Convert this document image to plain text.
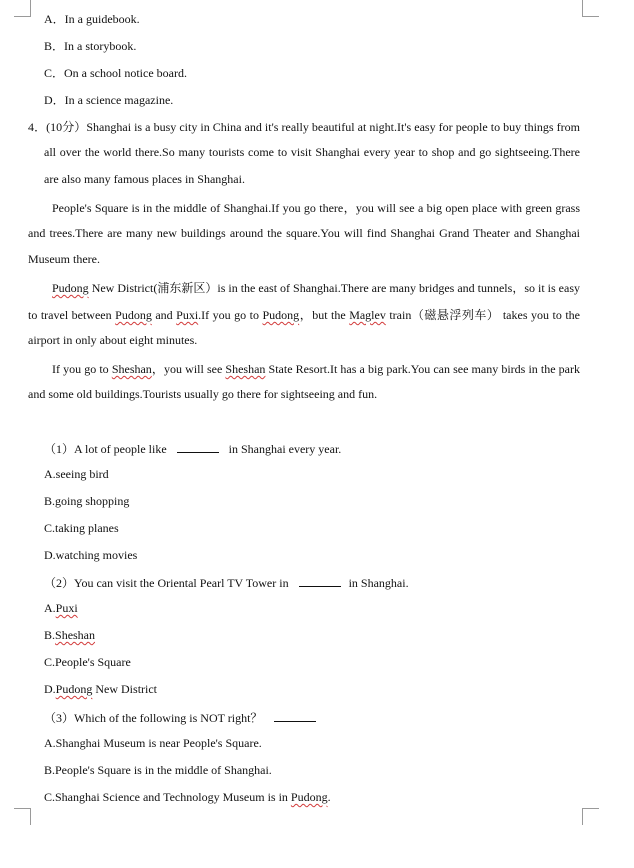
A．In a guidebook.
B．In a storybook.
C．On a school notice board.
D．In a science magazine.
4．(10分）Shanghai is a busy city in China and it's really beautiful at night.It's easy for people to buy things from
all over the world there.So many tourists come to visit Shanghai every year to shop and go sightseeing.There
are also many famous places in Shanghai.
People's Square is in the middle of Shanghai.If you go there，you will see a big open place with green grass
and trees.There are many new buildings around the square.You will find Shanghai Grand Theater and Shanghai
Museum there.
Pudong New District(浦东新区）is in the east of Shanghai.There are many bridges and tunnels，so it is easy
to travel between Pudong and Puxi.If you go to Pudong，but the Maglev train（磁悬浮列车） takes you to the
airport in only about eight minutes.
If you go to Sheshan，you will see Sheshan State Resort.It has a big park.You can see many birds in the park
and some old buildings.Tourists usually go there for sightseeing and fun.
（1）A lot of people like	in Shanghai every year.
A.seeing bird
B.going shopping
C.taking planes
D.watching movies
（2）You can visit the Oriental Pearl TV Tower in	in Shanghai.
A.Puxi
B.Sheshan
C.People's Square
D.Pudong New District
（3）Which of the following is NOT right？
A.Shanghai Museum is near People's Square.
B.People's Square is in the middle of Shanghai.
C.Shanghai Science and Technology Museum is in Pudong.
